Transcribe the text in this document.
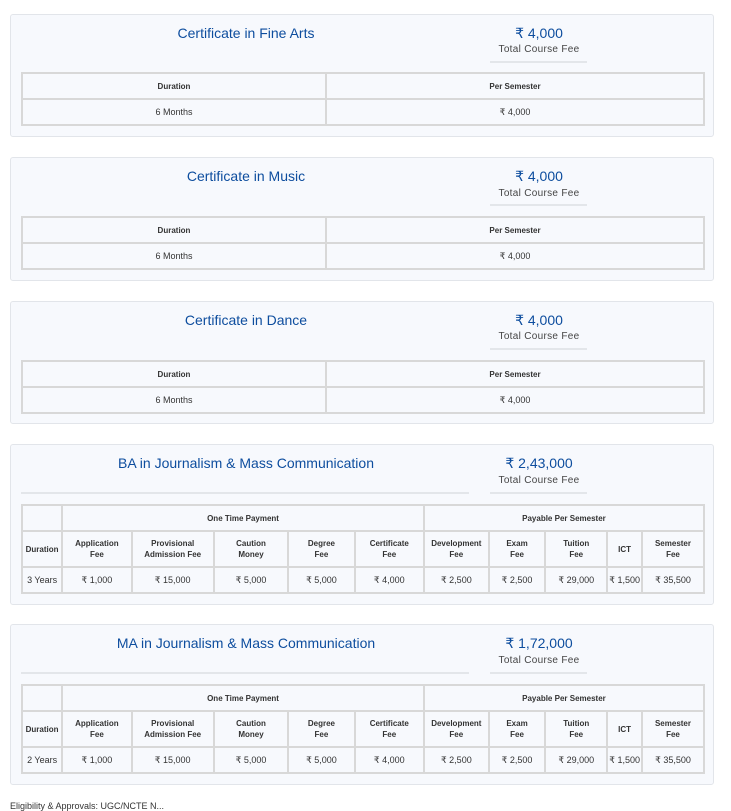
Certificate in Fine Arts	₹ 4,000
Total Course Fee
Duration	Per Semester
6 Months	₹ 4,000
Certificate in Music	₹ 4,000
Total Course Fee
Duration	Per Semester
6 Months	₹ 4,000
Certificate in Dance	₹ 4,000
Total Course Fee
Duration	Per Semester
6 Months	₹ 4,000
BA in Journalism & Mass Communication	₹ 2,43,000
Total Course Fee
	One Time Payment					Payable Per Semester				
Duration	Application Fee	Provisional Admission Fee	Caution Money	Degree Fee	Certificate Fee	Development Fee	Exam Fee	Tuition Fee	ICT	Semester Fee
3 Years	₹ 1,000	₹ 15,000	₹ 5,000	₹ 5,000	₹ 4,000	₹ 2,500	₹ 2,500	₹ 29,000	₹ 1,500	₹ 35,500
MA in Journalism & Mass Communication	₹ 1,72,000
Total Course Fee
	One Time Payment					Payable Per Semester				
Duration	Application Fee	Provisional Admission Fee	Caution Money	Degree Fee	Certificate Fee	Development Fee	Exam Fee	Tuition Fee	ICT	Semester Fee
2 Years	₹ 1,000	₹ 15,000	₹ 5,000	₹ 5,000	₹ 4,000	₹ 2,500	₹ 2,500	₹ 29,000	₹ 1,500	₹ 35,500
Eligibility & Approvals: UGC/NCTE N...
